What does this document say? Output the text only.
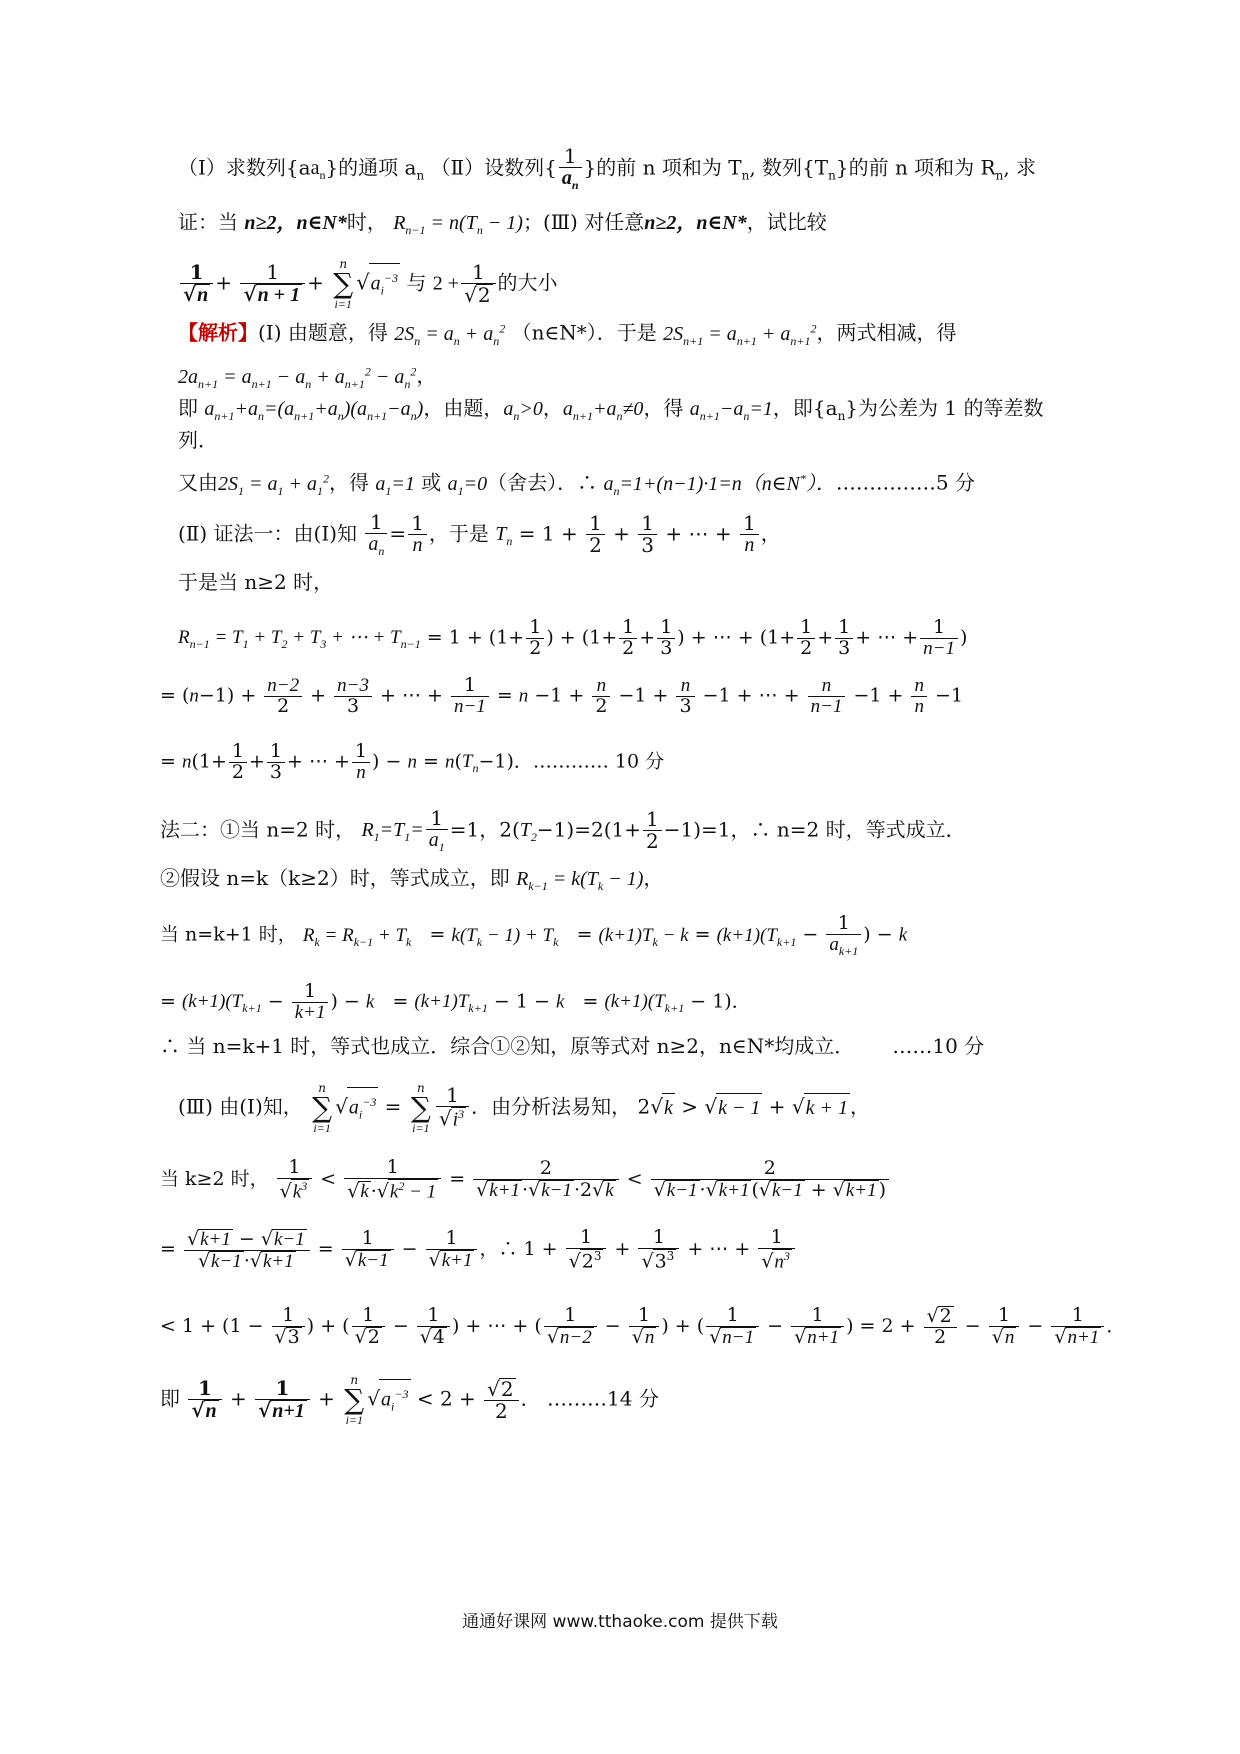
（Ⅰ）求数列$\{aa_n\}$的通项 $a_n$ （Ⅱ）设数列{ $\frac{1}{a_n}$ }的前 n 项和为 $T_n$, 数列$\{T_n\}$的前 n 项和为 $R_n$, 求
证：当 n≥2，n∈N*时， $R_{n-1} = n(T_n - 1)$；(Ⅲ) 对任意n≥2，n∈N*，试比较
$\frac{1}{√n} + \frac{1}{√n + 1}$ +
n
∑
i=1
$√a_i^{-3}$ 与 $2 + \frac{1}{√2}$ 的大小
【解析】(Ⅰ) 由题意，得 $2S_n = a_n + a_n^2$ （n∈N*）．于是 $2S_{n+1} = a_{n+1} + a_{n+1}^2$，两式相减，得
$2a_{n+1} = a_{n+1} - a_n + a_{n+1}^2 - a_n^2$，
即 $a_{n+1}+a_n=(a_{n+1}+a_n)(a_{n+1}-a_n)$，由题，$a_n>0$，$a_{n+1}+a_n\ne 0$，得 $a_{n+1}-a_n=1$，即$\{a_n\}$为公差为 1 的等差数
列．
又由$2S_1 = a_1 + a_1^2$，得 $a_1=1$ 或 $a_1=0$（舍去）．∴ $a_n=1+(n-1)\cdot 1=n(n\in N^*)$．……………5 分
(Ⅱ) 证法一：由(Ⅰ)知 $\frac{1}{a_n} = \frac{1}{n}$ ，于是 $T_n = 1 + \frac{1}{2} + \frac{1}{3}$ + ⋯ + $\frac{1}{n}$ ，
于是当 n≥2 时，
$R_{n-1} = T_1 + T_2 + T_3$ + ⋯ + $T_{n-1} = 1 + (1+ \frac{1}{2}$ ) + ($1+ \frac{1}{2} + \frac{1}{3}$ ) + ⋯ + ($1+ \frac{1}{2} + \frac{1}{3}$ + ⋯ + $\frac{1}{n-1}$ )
= $(n-1) + \frac{n-2}{2} + \frac{n-3}{3}$ + ⋯ + $\frac{1}{n-1} = n -1 + \frac{n}{2} -1 + \frac{n}{3} -1$ + ⋯ + $\frac{n}{n-1} -1 + \frac{n}{n} -1$
= $n(1+ \frac{1}{2} + \frac{1}{3}$ + ⋯ + $\frac{1}{n}$ ) − $n = n(T_n-1)$．………… 10 分
法二：①当 n=2 时， $R_1=T_1= \frac{1}{a_1} =1$，$2(T_2-1)=2(1+ \frac{1}{2} -1)=1$，∴ n=2 时，等式成立．
②假设 n=k（k≥2）时，等式成立，即 $R_{k-1} = k(T_k - 1)$，
当 n=k+1 时， $R_k = R_{k-1} + T_k = k(T_k - 1) + T_k = (k+1)T_k - k = (k+1)(T_{k+1} - \frac{1}{a_{k+1}}$ ) − k
= $(k+1)(T_{k+1} - \frac{1}{k+1}$ ) − $k = (k+1)T_{k+1} - 1 - k = (k+1)(T_{k+1} - 1)$．
∴ 当 n=k+1 时，等式也成立．综合①②知，原等式对 n≥2，n∈N*均成立． ……10 分
(Ⅲ) 由(Ⅰ)知，
n
∑
i=1
$√a_i^{-3}$ =
n
∑
$i=1 \frac{1}{√i^3}$ ．由分析法易知， 2√k > √k − 1 + √k + 1 ，
当 k≥2 时， $\frac{1}{√k^3} < \frac{1}{√k \cdot√k^2 - 1} = \frac{2}{√k+1 \cdot√k-1 \cdot 2√k} < \frac{2}{√k-1 \cdot√k+1 (√k-1 + √k+1 )}$
= $\frac{√k+1 - √k-1}{√k-1 \cdot√k+1} = \frac{1}{√k-1} - \frac{1}{√k+1}$ ，∴ $1 + \frac{1}{√2^3} + \frac{1}{√3^3}$ + ⋯ + $\frac{1}{√n^3}$
< $1 + (1 - \frac{1}{√3}$ ) + ( $\frac{1}{√2} - \frac{1}{√4}$ ) + ⋯ + ( $\frac{1}{√n-2} - \frac{1}{√n}$ ) + ( $\frac{1}{√n-1} - \frac{1}{√n+1}$ ) = $2 + \frac{√2}{2} - \frac{1}{√n} - \frac{1}{√n+1}$ ．
即 $\frac{1}{√n} + \frac{1}{√n+1}$ +
n
∑
i=1
$√a_i^{-3} < 2 + \frac{√2}{2}$ ． ………14 分
通通好课网 www.tthaoke.com 提供下载
